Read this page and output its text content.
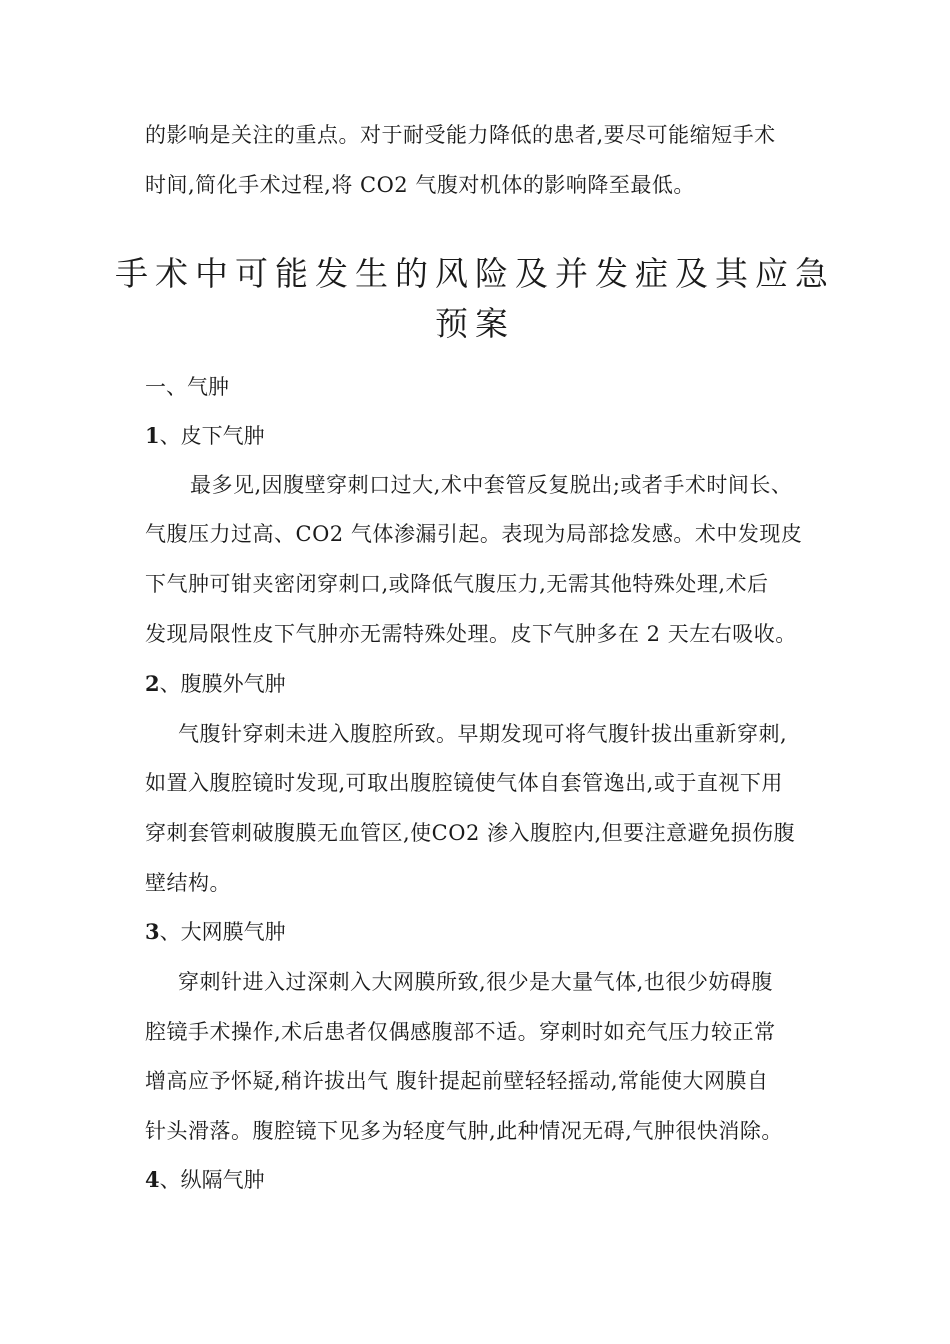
的影响是关注的重点。对于耐受能力降低的患者,要尽可能缩短手术
时间,简化手术过程,将 CO2 气腹对机体的影响降至最低。
手术中可能发生的风险及并发症及其应急
预案
一、气肿
1、皮下气肿
最多见,因腹壁穿刺口过大,术中套管反复脱出;或者手术时间长、
气腹压力过高、CO2 气体渗漏引起。表现为局部捻发感。术中发现皮
下气肿可钳夹密闭穿刺口,或降低气腹压力,无需其他特殊处理,术后
发现局限性皮下气肿亦无需特殊处理。皮下气肿多在 2 天左右吸收。
2、腹膜外气肿
气腹针穿刺未进入腹腔所致。早期发现可将气腹针拔出重新穿刺,
如置入腹腔镜时发现,可取出腹腔镜使气体自套管逸出,或于直视下用
穿刺套管刺破腹膜无血管区,使CO2 渗入腹腔内,但要注意避免损伤腹
壁结构。
3、大网膜气肿
穿刺针进入过深刺入大网膜所致,很少是大量气体,也很少妨碍腹
腔镜手术操作,术后患者仅偶感腹部不适。穿刺时如充气压力较正常
增高应予怀疑,稍许拔出气 腹针提起前壁轻轻摇动,常能使大网膜自
针头滑落。腹腔镜下见多为轻度气肿,此种情况无碍,气肿很快消除。
4、纵隔气肿
